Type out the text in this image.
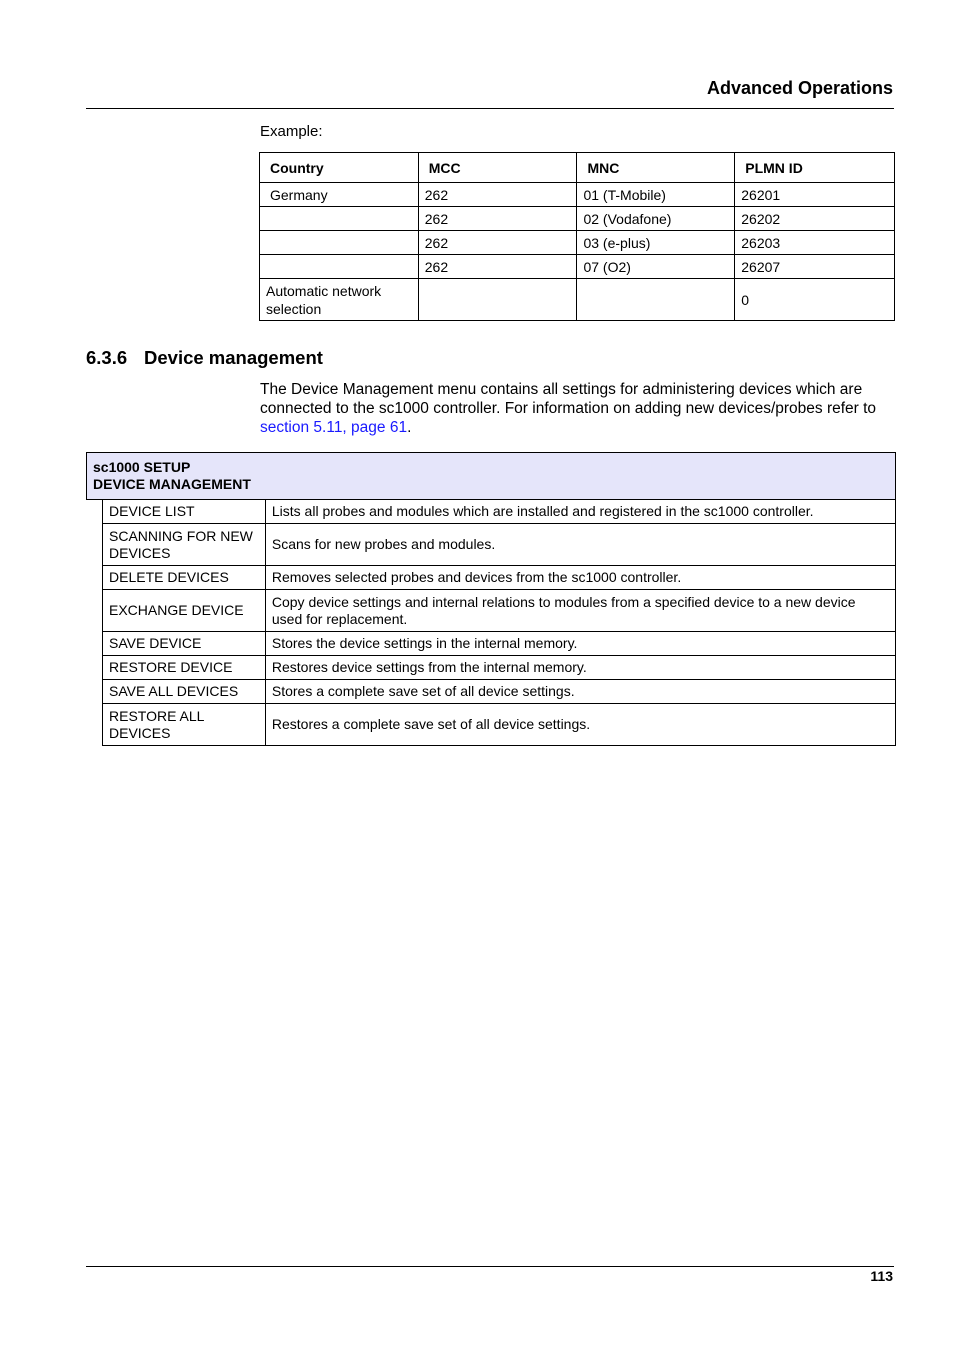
Advanced Operations
Example:
Country	MCC	MNC	PLMN ID
Germany	262	01 (T-Mobile)	26201
	262	02 (Vodafone)	26202
	262	03 (e-plus)	26203
	262	07 (O2)	26207
Automatic network selection			0
6.3.6 Device management

The Device Management menu contains all settings for administering devices which are connected to the sc1000 controller. For information on adding new devices/probes refer to section 5.11, page 61.

sc1000 SETUP
DEVICE MANAGEMENT
DEVICE LIST	Lists all probes and modules which are installed and registered in the sc1000 controller.
SCANNING FOR NEW DEVICES	Scans for new probes and modules.
DELETE DEVICES	Removes selected probes and devices from the sc1000 controller.
EXCHANGE DEVICE	Copy device settings and internal relations to modules from a specified device to a new device used for replacement.
SAVE DEVICE	Stores the device settings in the internal memory.
RESTORE DEVICE	Restores device settings from the internal memory.
SAVE ALL DEVICES	Stores a complete save set of all device settings.
RESTORE ALL DEVICES	Restores a complete save set of all device settings.
113
